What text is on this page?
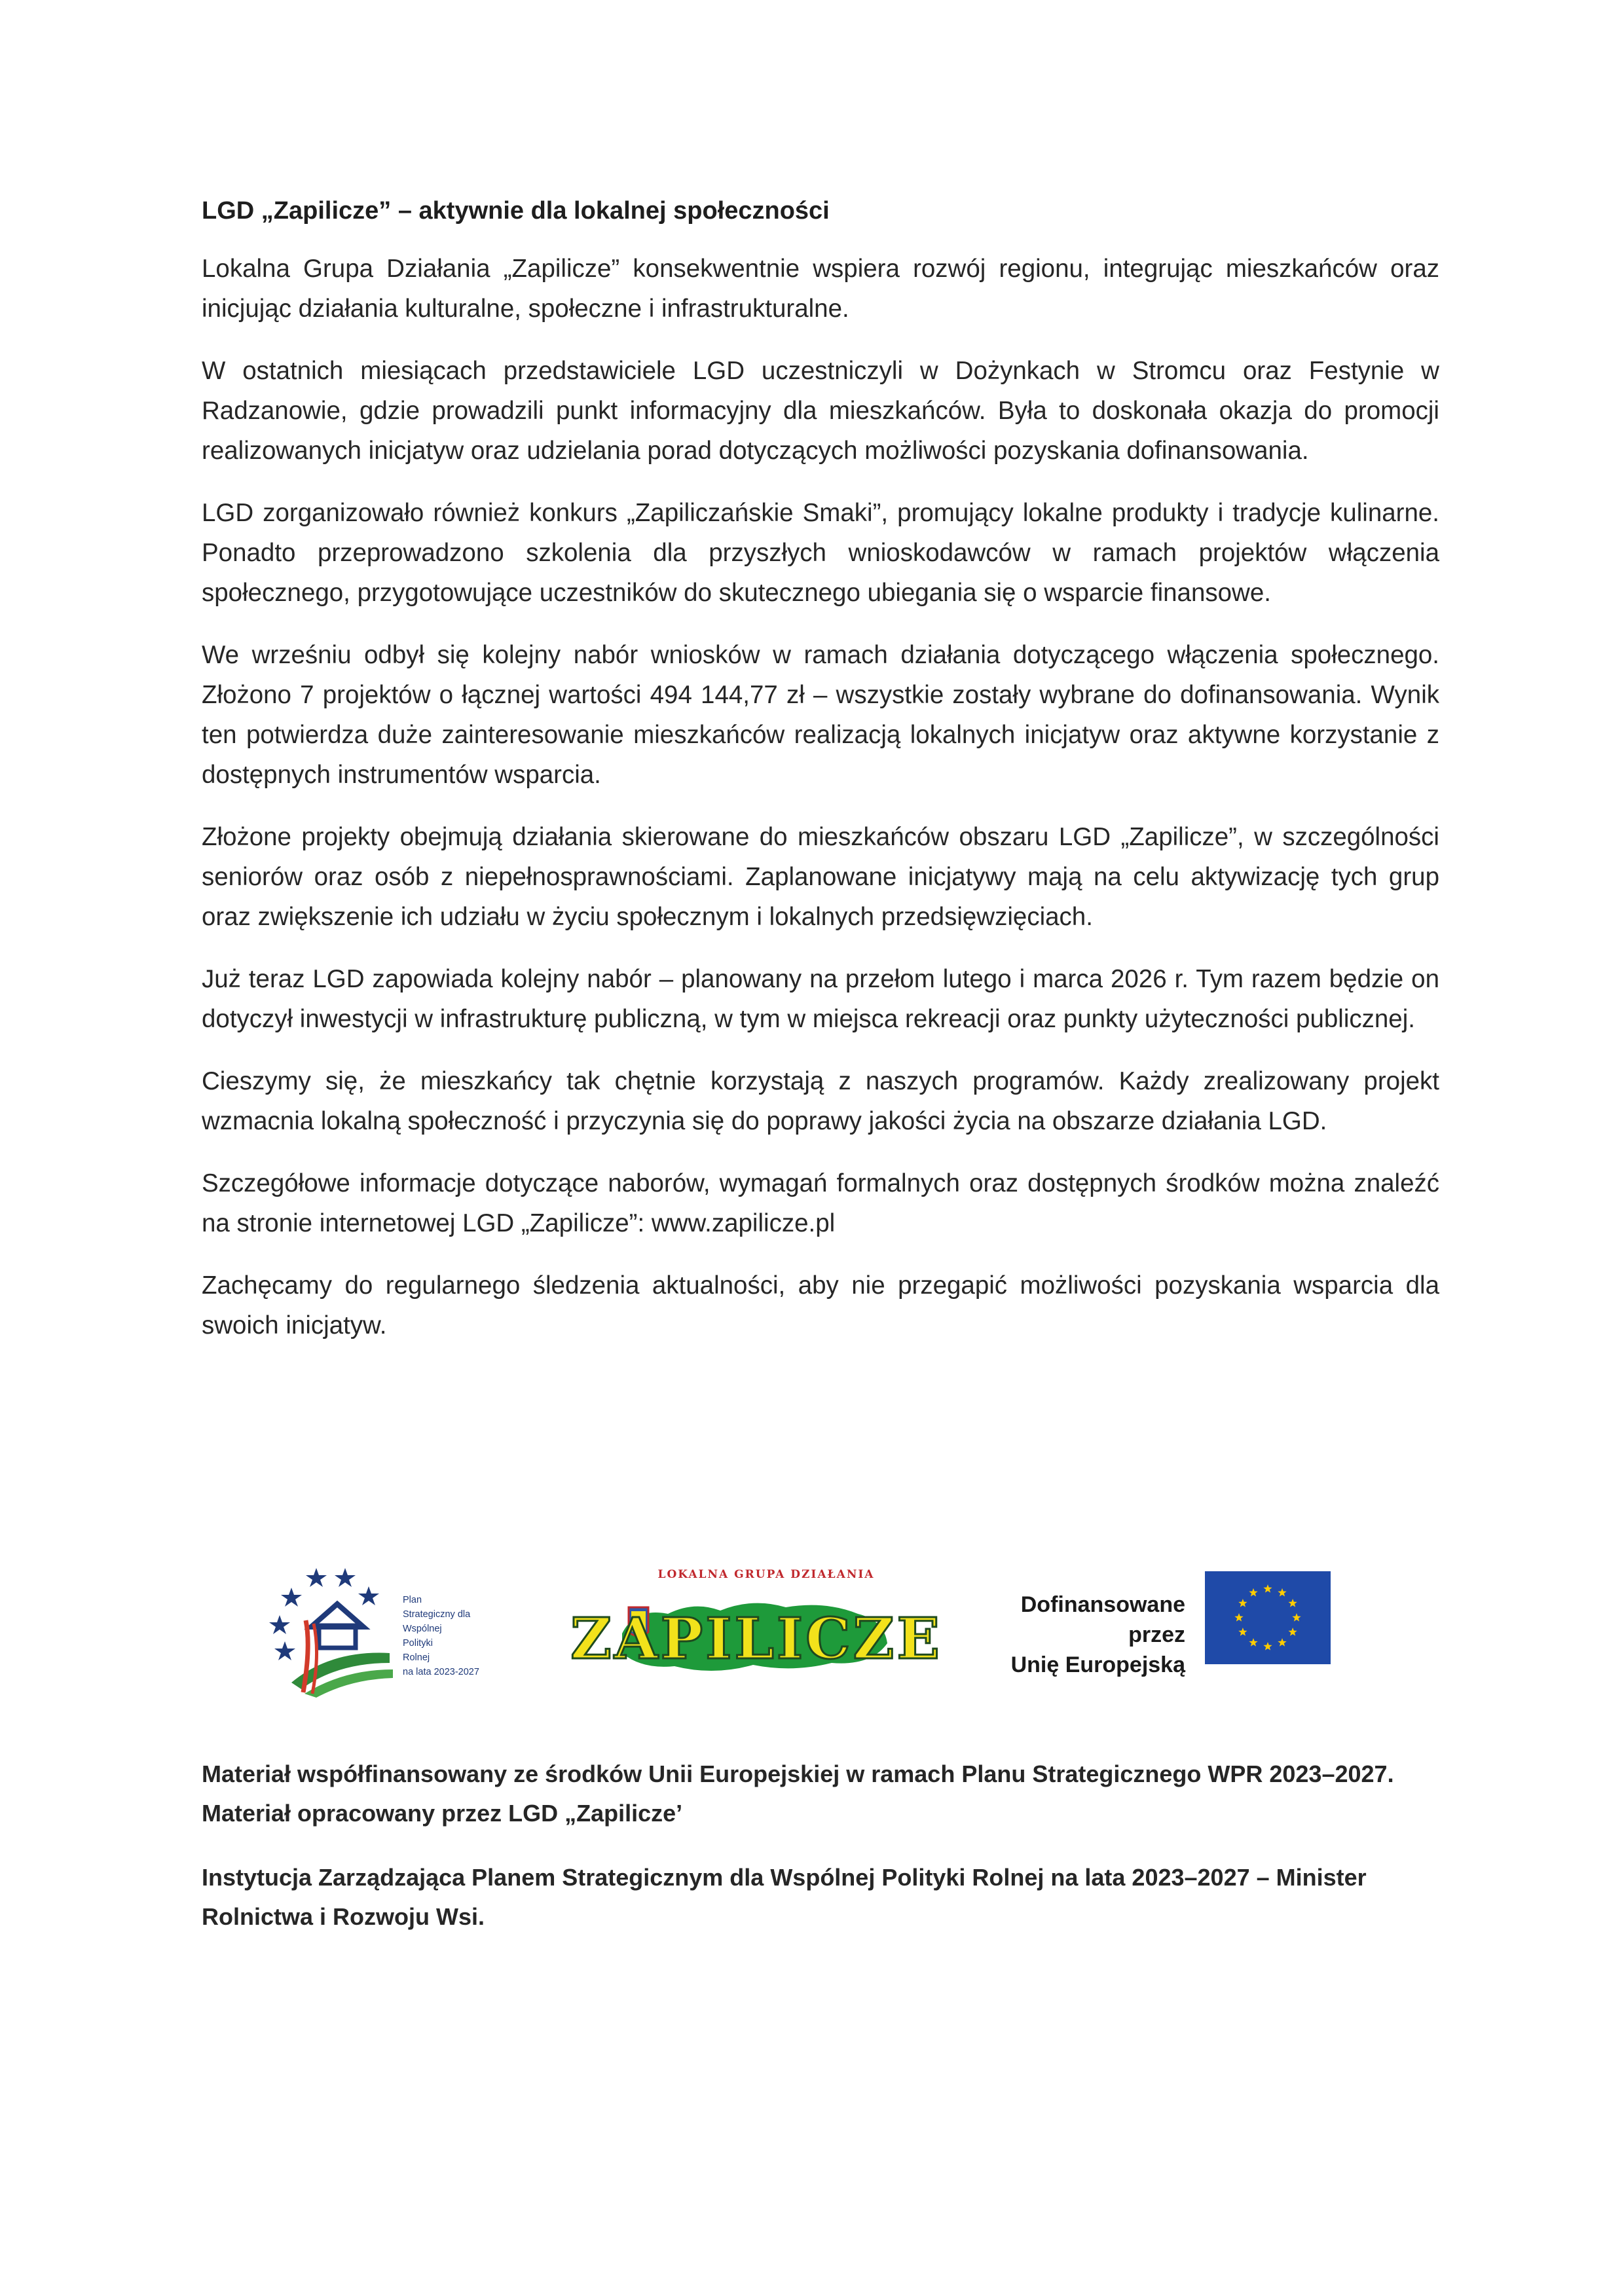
LGD „Zapilicze” – aktywnie dla lokalnej społeczności

Lokalna Grupa Działania „Zapilicze” konsekwentnie wspiera rozwój regionu, integrując mieszkańców oraz inicjując działania kulturalne, społeczne i infrastrukturalne.

W ostatnich miesiącach przedstawiciele LGD uczestniczyli w Dożynkach w Stromcu oraz Festynie w Radzanowie, gdzie prowadzili punkt informacyjny dla mieszkańców. Była to doskonała okazja do promocji realizowanych inicjatyw oraz udzielania porad dotyczących możliwości pozyskania dofinansowania.

LGD zorganizowało również konkurs „Zapiliczańskie Smaki”, promujący lokalne produkty i tradycje kulinarne. Ponadto przeprowadzono szkolenia dla przyszłych wnioskodawców w ramach projektów włączenia społecznego, przygotowujące uczestników do skutecznego ubiegania się o wsparcie finansowe.

We wrześniu odbył się kolejny nabór wniosków w ramach działania dotyczącego włączenia społecznego. Złożono 7 projektów o łącznej wartości 494 144,77 zł – wszystkie zostały wybrane do dofinansowania. Wynik ten potwierdza duże zainteresowanie mieszkańców realizacją lokalnych inicjatyw oraz aktywne korzystanie z dostępnych instrumentów wsparcia.

Złożone projekty obejmują działania skierowane do mieszkańców obszaru LGD „Zapilicze”, w szczególności seniorów oraz osób z niepełnosprawnościami. Zaplanowane inicjatywy mają na celu aktywizację tych grup oraz zwiększenie ich udziału w życiu społecznym i lokalnych przedsięwzięciach.

Już teraz LGD zapowiada kolejny nabór – planowany na przełom lutego i marca 2026 r. Tym razem będzie on dotyczył inwestycji w infrastrukturę publiczną, w tym w miejsca rekreacji oraz punkty użyteczności publicznej.

Cieszymy się, że mieszkańcy tak chętnie korzystają z naszych programów. Każdy zrealizowany projekt wzmacnia lokalną społeczność i przyczynia się do poprawy jakości życia na obszarze działania LGD.

Szczegółowe informacje dotyczące naborów, wymagań formalnych oraz dostępnych środków można znaleźć na stronie internetowej LGD „Zapilicze”: www.zapilicze.pl

Zachęcamy do regularnego śledzenia aktualności, aby nie przegapić możliwości pozyskania wsparcia dla swoich inicjatyw.

Plan
Strategiczny dla
Wspólnej
Polityki
Rolnej
na lata 2023-2027
LOKALNA GRUPA DZIAŁANIA
ZAPILICZE
Dofinansowane przez
Unię Europejską

Materiał współfinansowany ze środków Unii Europejskiej w ramach Planu Strategicznego WPR 2023–2027. Materiał opracowany przez LGD „Zapilicze’

Instytucja Zarządzająca Planem Strategicznym dla Wspólnej Polityki Rolnej na lata 2023–2027 – Minister Rolnictwa i Rozwoju Wsi.
